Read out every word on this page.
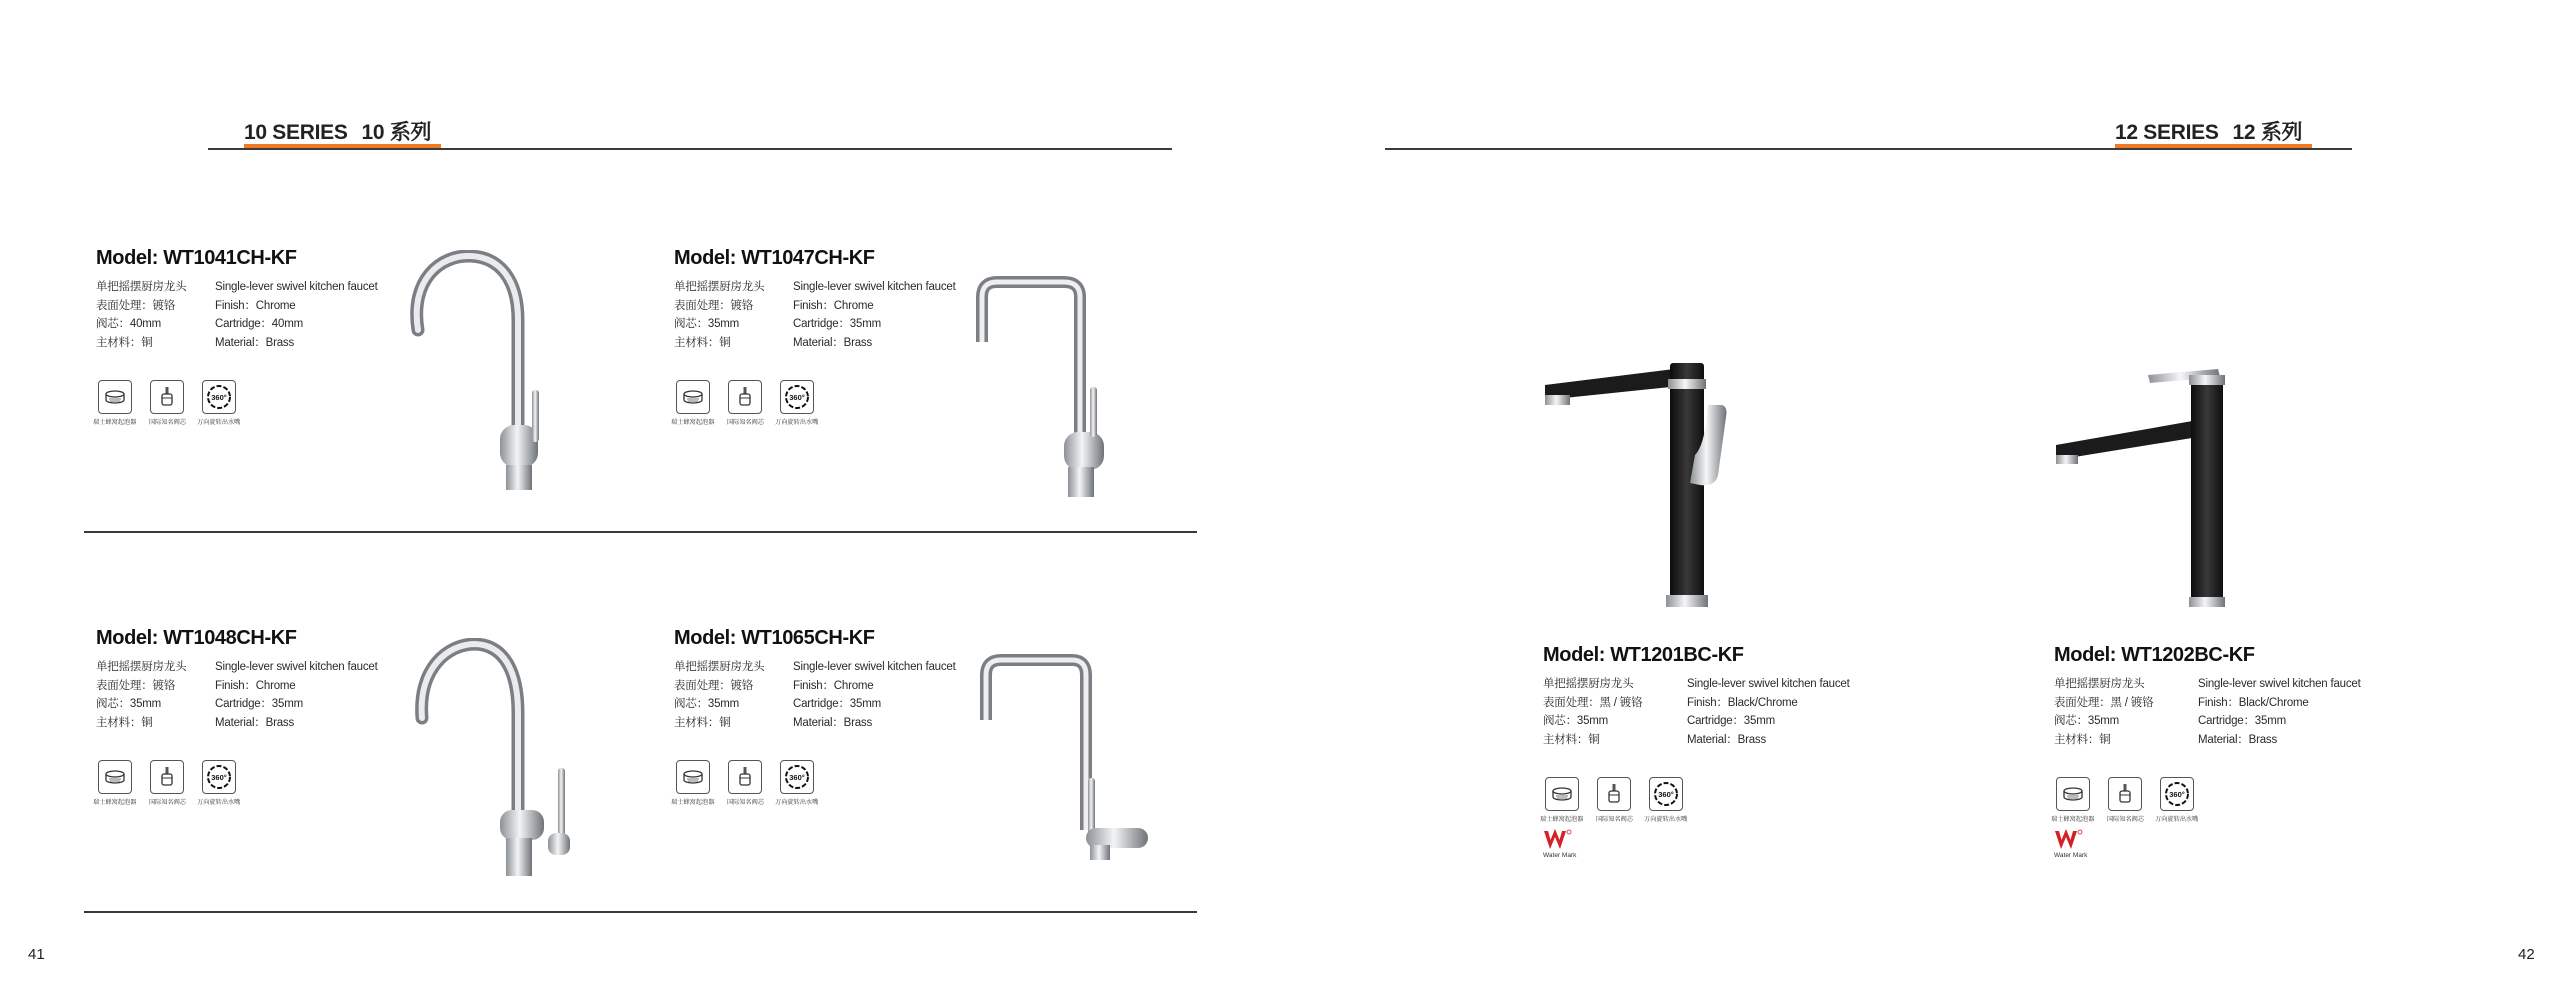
10 SERIES 10 系列
41
Model: WT1041CH-KF
单把摇摆厨房龙头
表面处理：镀铬
阀芯：40mm
主材料：铜
Single-lever swivel kitchen faucet
Finish：Chrome
Cartridge：40mm
Material：Brass
瑞士蜂窝起泡器 国际知名阀芯
360°
万向旋转出水嘴
Model: WT1047CH-KF
单把摇摆厨房龙头
表面处理：镀铬
阀芯：35mm
主材料：铜
Single-lever swivel kitchen faucet
Finish：Chrome
Cartridge：35mm
Material：Brass
瑞士蜂窝起泡器 国际知名阀芯
360°
万向旋转出水嘴
Model: WT1048CH-KF
单把摇摆厨房龙头
表面处理：镀铬
阀芯：35mm
主材料：铜
Single-lever swivel kitchen faucet
Finish：Chrome
Cartridge：35mm
Material：Brass
瑞士蜂窝起泡器 国际知名阀芯
360°
万向旋转出水嘴
Model: WT1065CH-KF
单把摇摆厨房龙头
表面处理：镀铬
阀芯：35mm
主材料：铜
Single-lever swivel kitchen faucet
Finish：Chrome
Cartridge：35mm
Material：Brass
瑞士蜂窝起泡器 国际知名阀芯
360°
万向旋转出水嘴
12 SERIES 12 系列
42
Model: WT1201BC-KF
单把摇摆厨房龙头
表面处理：黑 / 镀铬
阀芯：35mm
主材料：铜
Single-lever swivel kitchen faucet
Finish：Black/Chrome
Cartridge：35mm
Material：Brass
瑞士蜂窝起泡器 国际知名阀芯
360°
万向旋转出水嘴
Water Mark
Model: WT1202BC-KF
单把摇摆厨房龙头
表面处理：黑 / 镀铬
阀芯：35mm
主材料：铜
Single-lever swivel kitchen faucet
Finish：Black/Chrome
Cartridge：35mm
Material：Brass
瑞士蜂窝起泡器 国际知名阀芯
360°
万向旋转出水嘴
Water Mark
